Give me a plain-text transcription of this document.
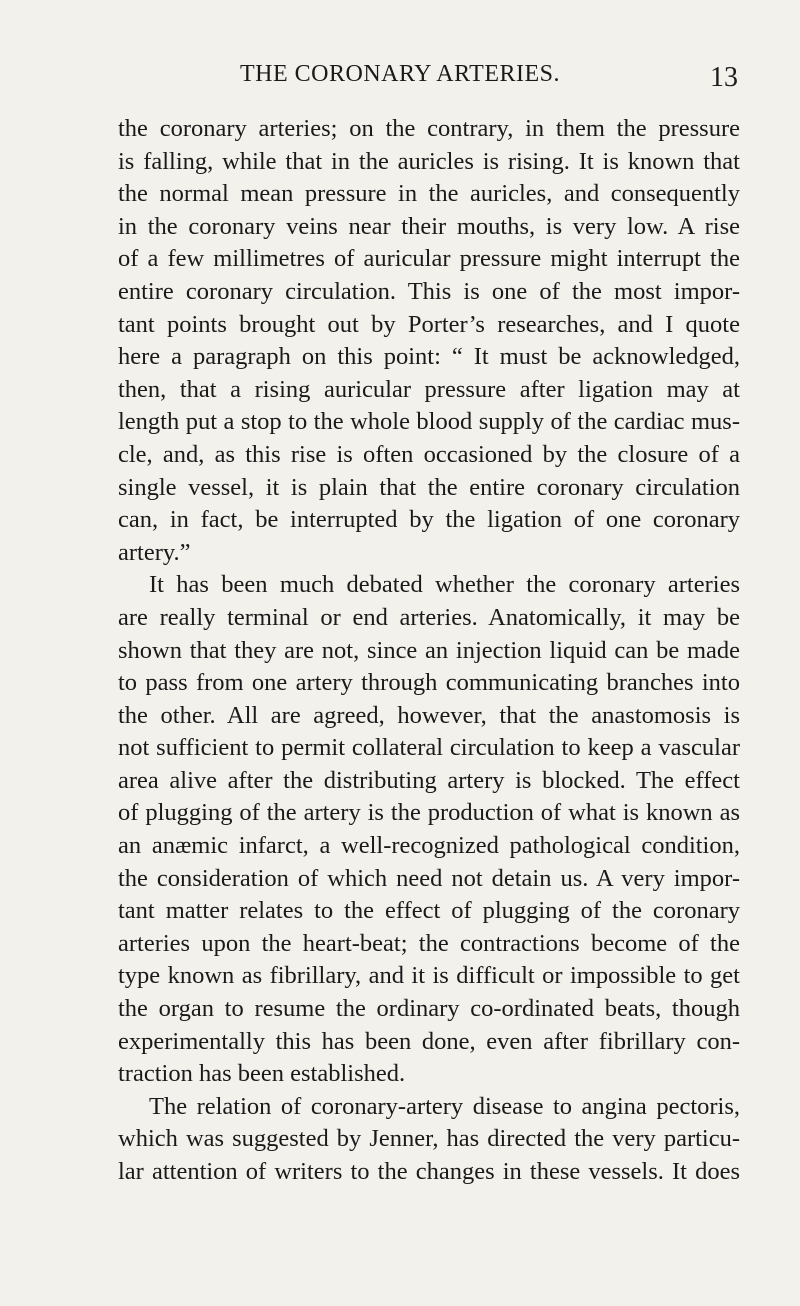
THE CORONARY ARTERIES.	13
the coronary arteries; on the contrary, in them the pressure
is falling, while that in the auricles is rising. It is known that
the normal mean pressure in the auricles, and consequently
in the coronary veins near their mouths, is very low. A rise
of a few millimetres of auricular pressure might interrupt the
entire coronary circulation. This is one of the most impor-
tant points brought out by Porter’s researches, and I quote
here a paragraph on this point: “ It must be acknowledged,
then, that a rising auricular pressure after ligation may at
length put a stop to the whole blood supply of the cardiac mus-
cle, and, as this rise is often occasioned by the closure of a
single vessel, it is plain that the entire coronary circulation
can, in fact, be interrupted by the ligation of one coronary
artery.”
It has been much debated whether the coronary arteries
are really terminal or end arteries. Anatomically, it may be
shown that they are not, since an injection liquid can be made
to pass from one artery through communicating branches into
the other. All are agreed, however, that the anastomosis is
not sufficient to permit collateral circulation to keep a vascular
area alive after the distributing artery is blocked. The effect
of plugging of the artery is the production of what is known as
an anæmic infarct, a well-recognized pathological condition,
the consideration of which need not detain us. A very impor-
tant matter relates to the effect of plugging of the coronary
arteries upon the heart-beat; the contractions become of the
type known as fibrillary, and it is difficult or impossible to get
the organ to resume the ordinary co-ordinated beats, though
experimentally this has been done, even after fibrillary con-
traction has been established.
The relation of coronary-artery disease to angina pectoris,
which was suggested by Jenner, has directed the very particu-
lar attention of writers to the changes in these vessels. It does
